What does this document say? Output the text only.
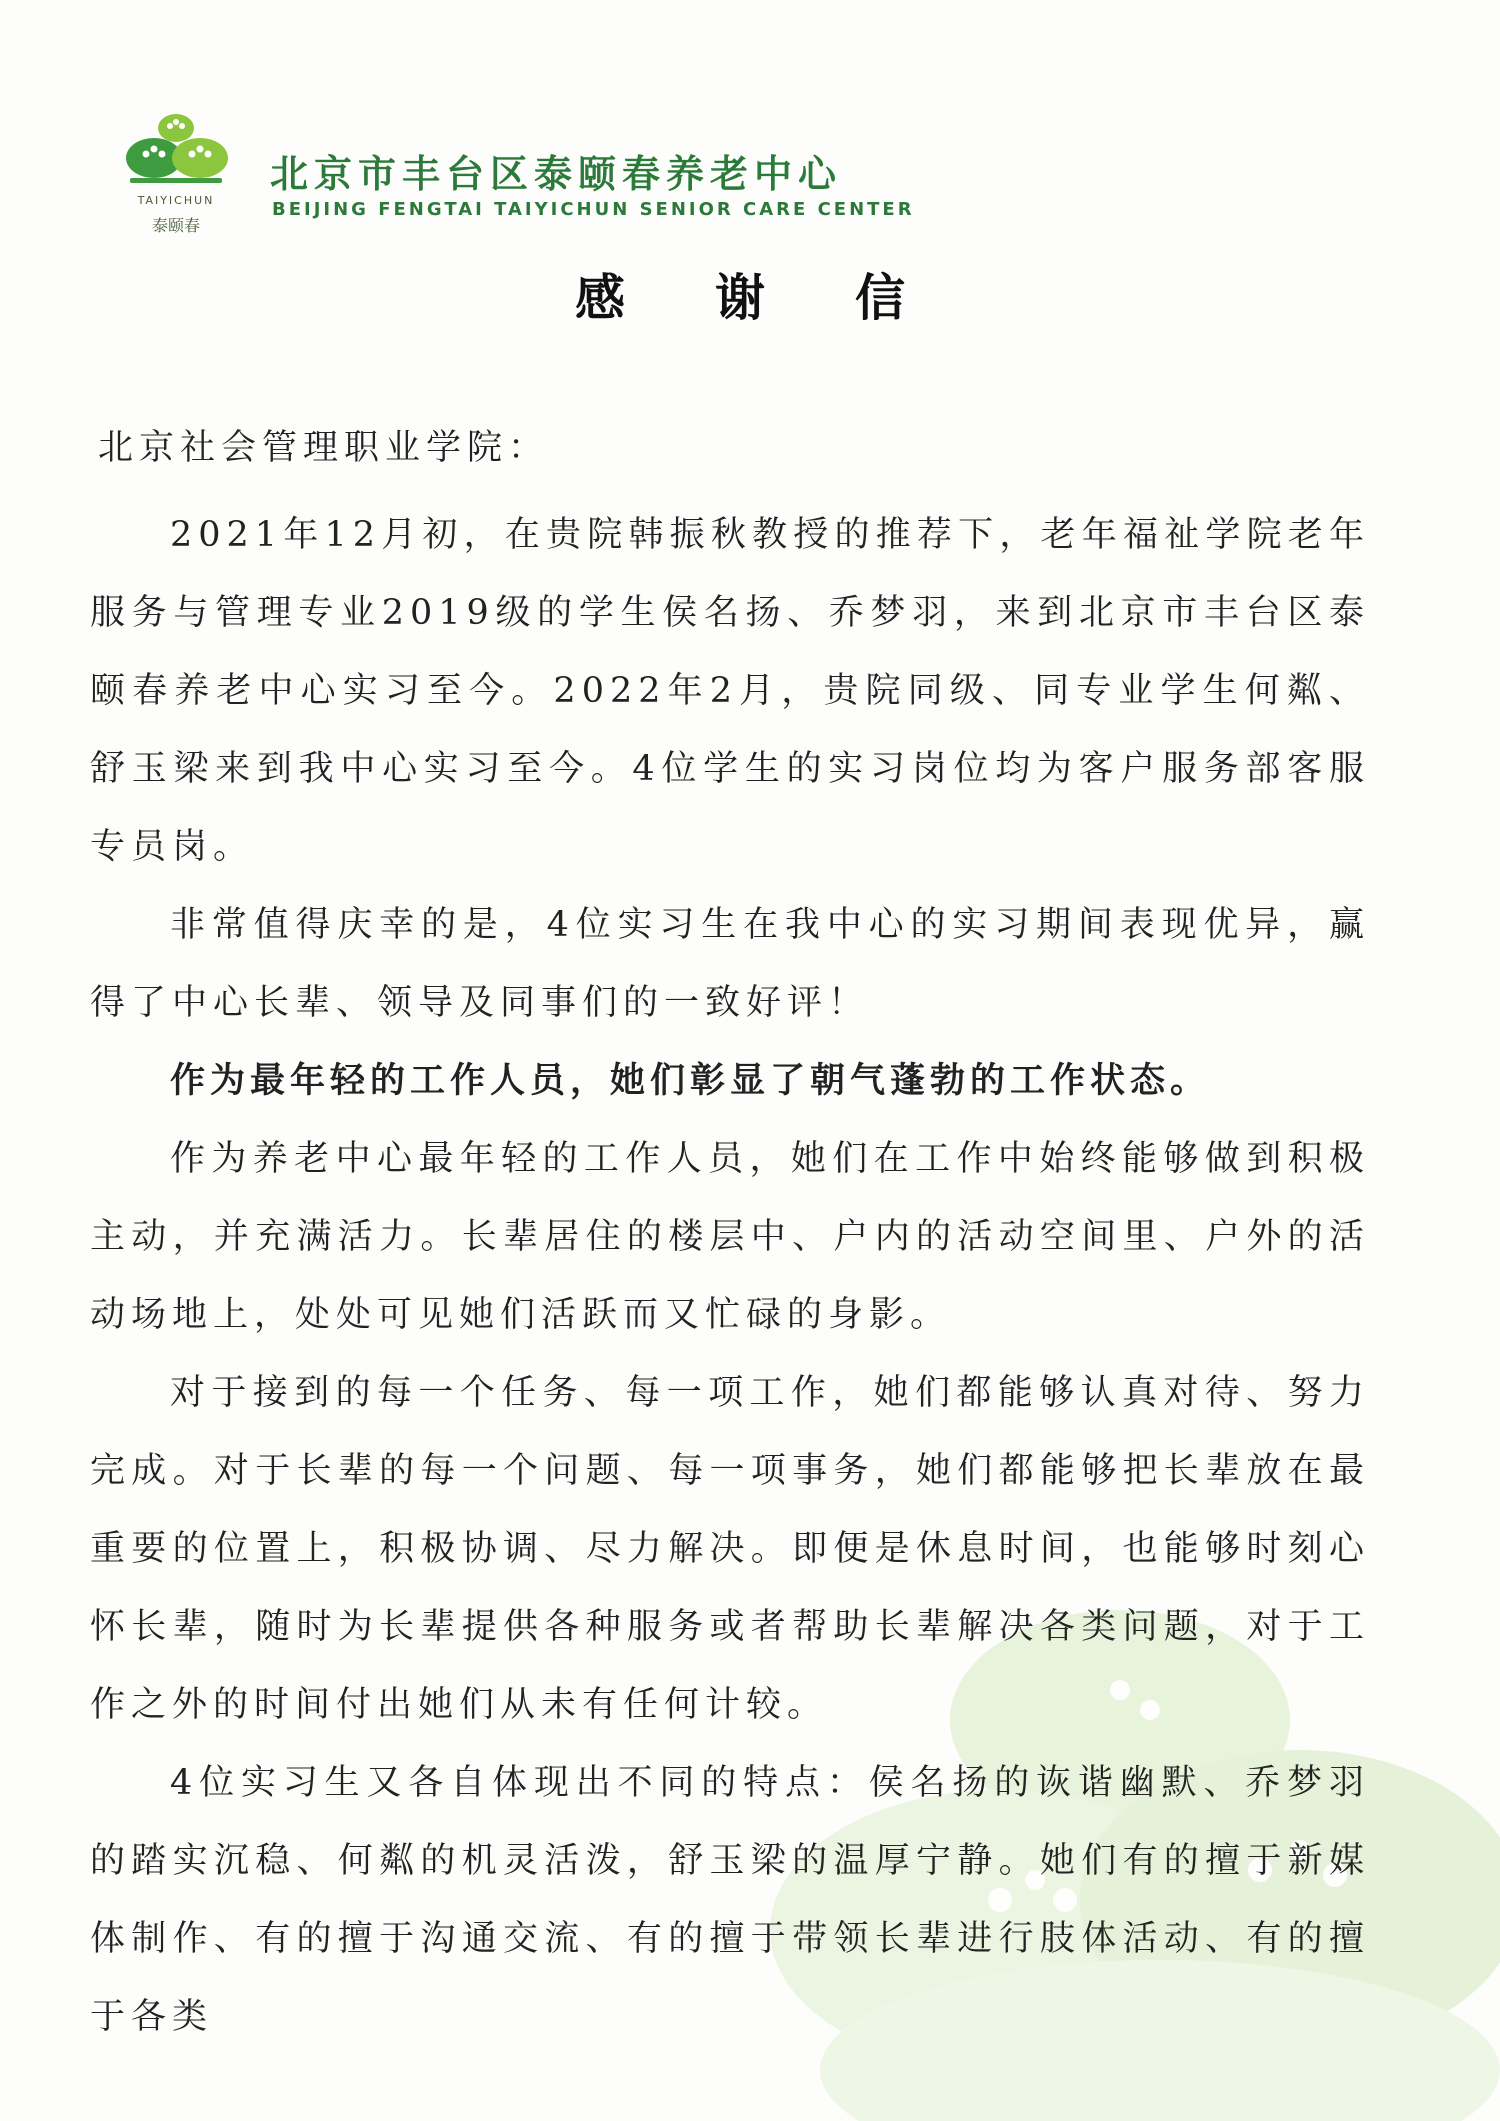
TAIYICHUN
泰颐春
北京市丰台区泰颐春养老中心
BEIJING FENGTAI TAIYICHUN SENIOR CARE CENTER
感谢信

北京社会管理职业学院：

2021年12月初，在贵院韩振秋教授的推荐下，老年福祉学院老年服务与管理专业2019级的学生侯名扬、乔梦羽，来到北京市丰台区泰颐春养老中心实习至今。2022年2月，贵院同级、同专业学生何粼、舒玉梁来到我中心实习至今。4位学生的实习岗位均为客户服务部客服专员岗。

非常值得庆幸的是，4位实习生在我中心的实习期间表现优异，赢得了中心长辈、领导及同事们的一致好评！

作为最年轻的工作人员，她们彰显了朝气蓬勃的工作状态。

作为养老中心最年轻的工作人员，她们在工作中始终能够做到积极主动，并充满活力。长辈居住的楼层中、户内的活动空间里、户外的活动场地上，处处可见她们活跃而又忙碌的身影。

对于接到的每一个任务、每一项工作，她们都能够认真对待、努力完成。对于长辈的每一个问题、每一项事务，她们都能够把长辈放在最重要的位置上，积极协调、尽力解决。即便是休息时间，也能够时刻心怀长辈，随时为长辈提供各种服务或者帮助长辈解决各类问题，对于工作之外的时间付出她们从未有任何计较。

4位实习生又各自体现出不同的特点：侯名扬的诙谐幽默、乔梦羽的踏实沉稳、何粼的机灵活泼，舒玉梁的温厚宁静。她们有的擅于新媒体制作、有的擅于沟通交流、有的擅于带领长辈进行肢体活动、有的擅于各类
